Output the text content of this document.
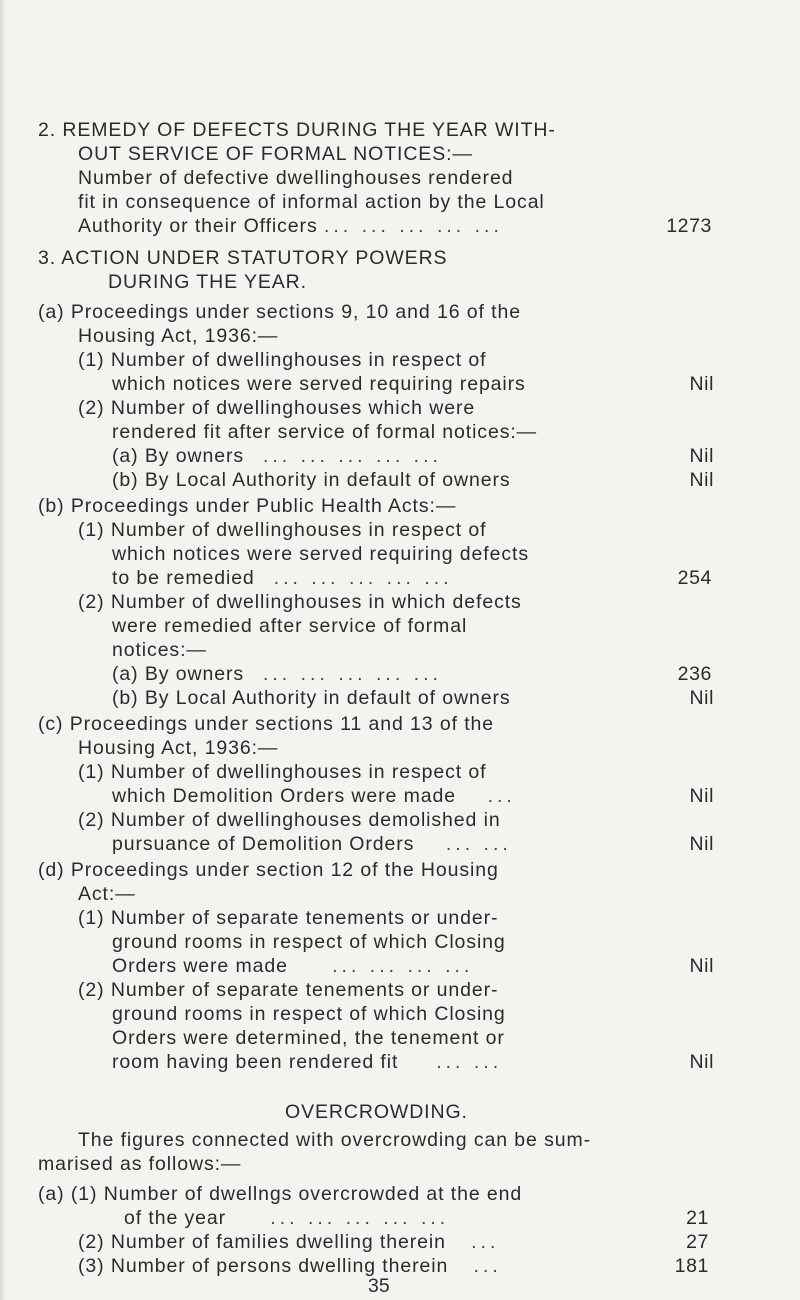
2. REMEDY OF DEFECTS DURING THE YEAR WITH-
OUT SERVICE OF FORMAL NOTICES:—
Number of defective dwellinghouses rendered
fit in consequence of informal action by the Local
Authority or their Officers ... ... ... ... ...	1273
3. ACTION UNDER STATUTORY POWERS
DURING THE YEAR.
(a) Proceedings under sections 9, 10 and 16 of the
Housing Act, 1936:—
(1) Number of dwellinghouses in respect of
which notices were served requiring repairs	Nil
(2) Number of dwellinghouses which were
rendered fit after service of formal notices:—
(a) By owners ... ... ... ... ...	Nil
(b) By Local Authority in default of owners	Nil
(b) Proceedings under Public Health Acts:—
(1) Number of dwellinghouses in respect of
which notices were served requiring defects
to be remedied ... ... ... ... ...	254
(2) Number of dwellinghouses in which defects
were remedied after service of formal
notices:—
(a) By owners ... ... ... ... ...	236
(b) By Local Authority in default of owners	Nil
(c) Proceedings under sections 11 and 13 of the
Housing Act, 1936:—
(1) Number of dwellinghouses in respect of
which Demolition Orders were made ...	Nil
(2) Number of dwellinghouses demolished in
pursuance of Demolition Orders ... ...	Nil
(d) Proceedings under section 12 of the Housing
Act:—
(1) Number of separate tenements or under-
ground rooms in respect of which Closing
Orders were made ... ... ... ...	Nil
(2) Number of separate tenements or under-
ground rooms in respect of which Closing
Orders were determined, the tenement or
room having been rendered fit ... ...	Nil
OVERCROWDING.
The figures connected with overcrowding can be sum-
marised as follows:—
(a) (1) Number of dwellngs overcrowded at the end
of the year ... ... ... ... ...	21
(2) Number of families dwelling therein ...	27
(3) Number of persons dwelling therein ...	181
35
